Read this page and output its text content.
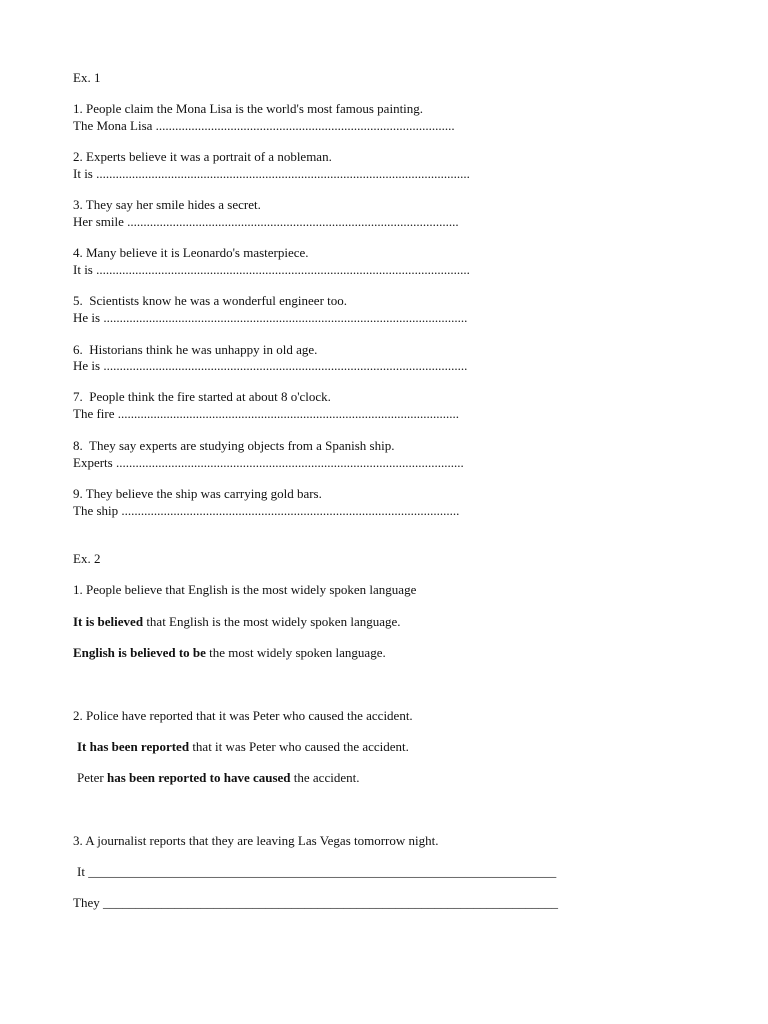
Ex. 1
1. People claim the Mona Lisa is the world's most famous painting.
The Mona Lisa ............................................................................................
2. Experts believe it was a portrait of a nobleman.
It is ...................................................................................................................
3. They say her smile hides a secret.
Her smile ......................................................................................................
4. Many believe it is Leonardo's masterpiece.
It is ...................................................................................................................
5.  Scientists know he was a wonderful engineer too.
He is ................................................................................................................
6.  Historians think he was unhappy in old age.
He is ................................................................................................................
7.  People think the fire started at about 8 o'clock.
The fire .........................................................................................................
8.  They say experts are studying objects from a Spanish ship.
Experts ...........................................................................................................
9. They believe the ship was carrying gold bars.
The ship ........................................................................................................
Ex. 2
1. People believe that English is the most widely spoken language
It is believed that English is the most widely spoken language.
English is believed to be the most widely spoken language.
2. Police have reported that it was Peter who caused the accident.
It has been reported that it was Peter who caused the accident.
Peter has been reported to have caused the accident.
3. A journalist reports that they are leaving Las Vegas tomorrow night.
It ________________________________________________________________________
They ______________________________________________________________________
